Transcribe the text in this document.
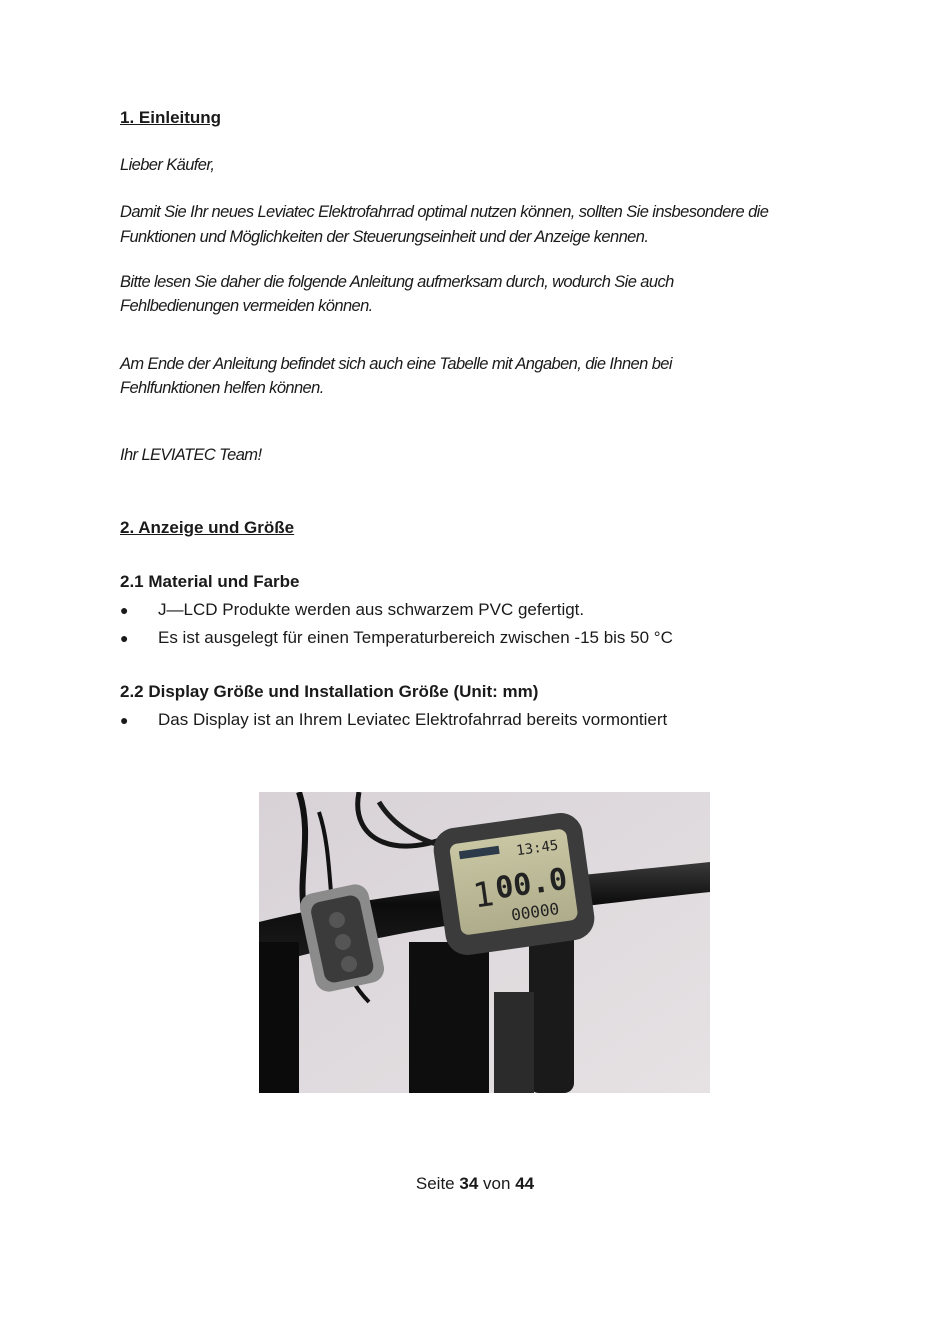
1. Einleitung
Lieber Käufer,
Damit Sie Ihr neues Leviatec Elektrofahrrad optimal nutzen können, sollten Sie insbesondere die
Funktionen und Möglichkeiten der Steuerungseinheit und der Anzeige kennen.
Bitte lesen Sie daher die folgende Anleitung aufmerksam durch, wodurch Sie auch
Fehlbedienungen vermeiden können.
Am Ende der Anleitung befindet sich auch eine Tabelle mit Angaben, die Ihnen bei
Fehlfunktionen helfen können.
Ihr LEVIATEC Team!
2. Anzeige und Größe
2.1 Material und Farbe
●	J—LCD Produkte werden aus schwarzem PVC gefertigt.
●	Es ist ausgelegt für einen Temperaturbereich zwischen -15 bis 50 °C
2.2 Display Größe und Installation Größe (Unit: mm)
●	Das Display ist an Ihrem Leviatec Elektrofahrrad bereits vormontiert
13:45
1
00.0
00000
Seite 34 von 44
